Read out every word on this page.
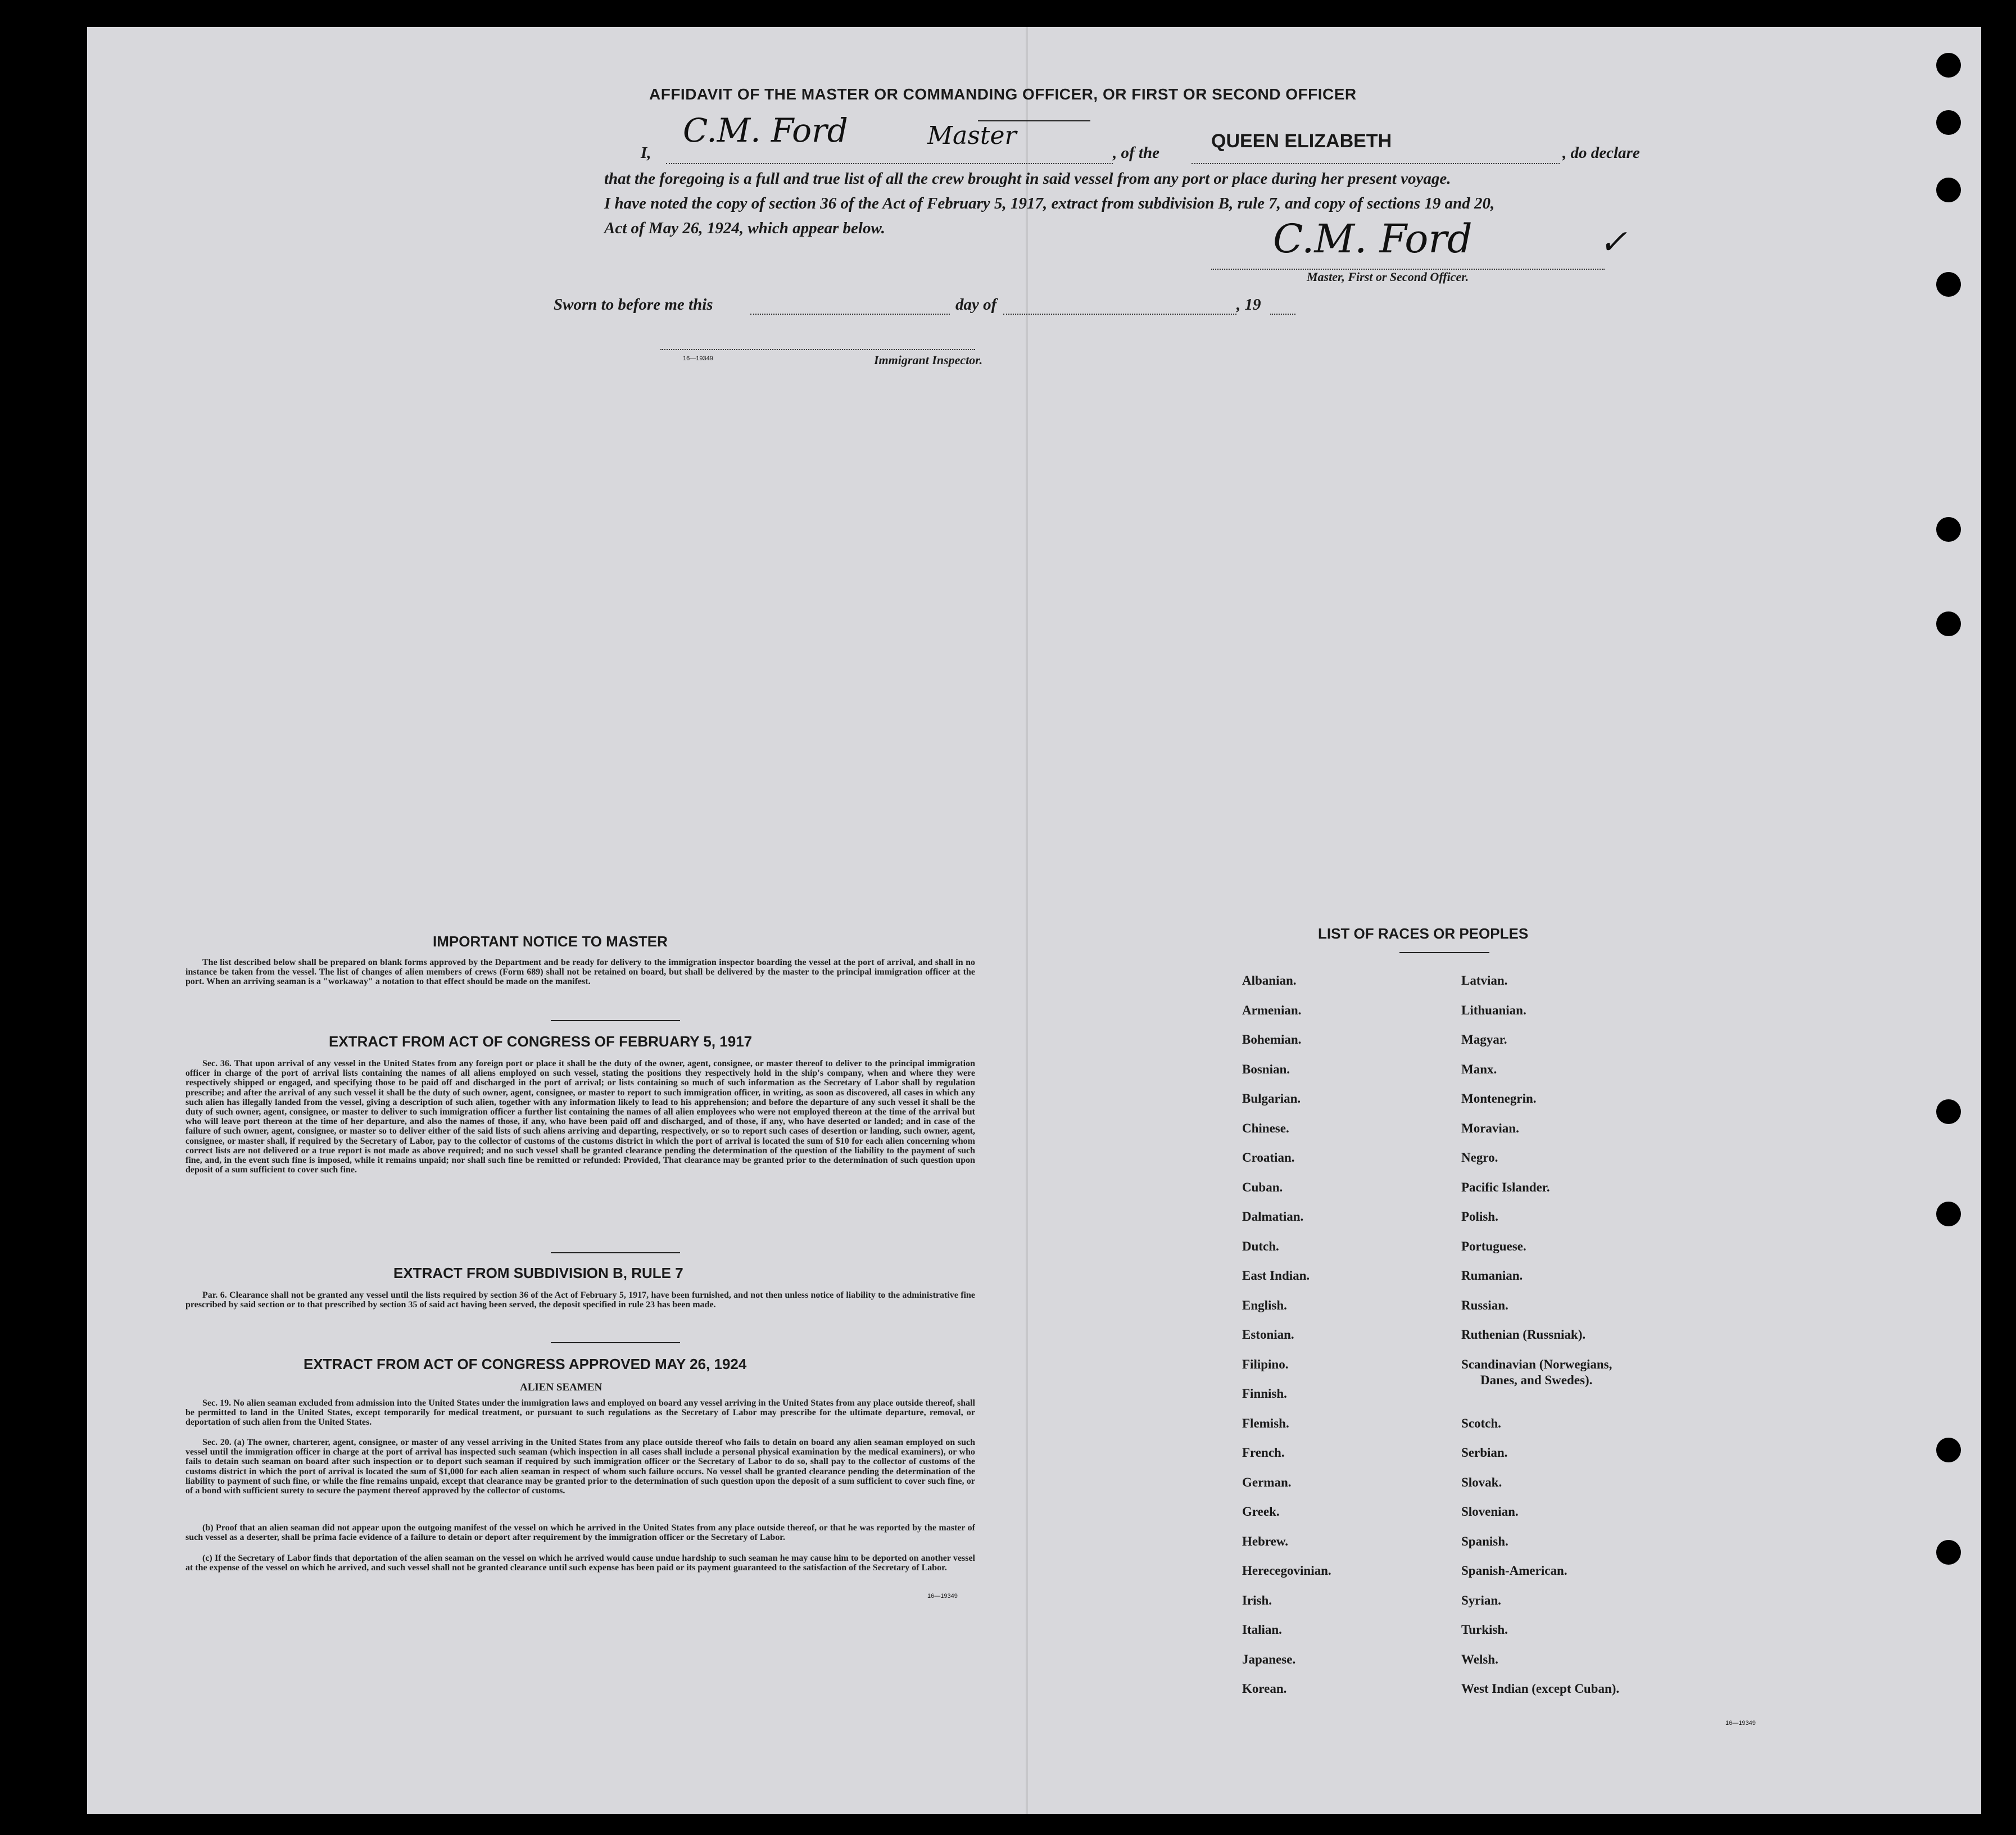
AFFIDAVIT OF THE MASTER OR COMMANDING OFFICER, OR FIRST OR SECOND OFFICER
I,
C.M. Ford	Master
, of the
QUEEN ELIZABETH
, do declare
that the foregoing is a full and true list of all the crew brought in said vessel from any port or place during her present voyage.
I have noted the copy of section 36 of the Act of February 5, 1917, extract from subdivision B, rule 7, and copy of sections 19 and 20,
Act of May 26, 1924, which appear below.	C.M. Ford	✓
Master, First or Second Officer.
Sworn to before me this	day of	, 19
16—19349	Immigrant Inspector.
IMPORTANT NOTICE TO MASTER
The list described below shall be prepared on blank forms approved by the Department and be ready for delivery to the immigration inspector boarding the vessel at the port of arrival, and shall in no instance be taken from the vessel. The list of changes of alien members of crews (Form 689) shall not be retained on board, but shall be delivered by the master to the principal immigration officer at the port. When an arriving seaman is a "workaway" a notation to that effect should be made on the manifest.
EXTRACT FROM ACT OF CONGRESS OF FEBRUARY 5, 1917
Sec. 36. That upon arrival of any vessel in the United States from any foreign port or place it shall be the duty of the owner, agent, consignee, or master thereof to deliver to the principal immigration officer in charge of the port of arrival lists containing the names of all aliens employed on such vessel, stating the positions they respectively hold in the ship's company, when and where they were respectively shipped or engaged, and specifying those to be paid off and discharged in the port of arrival; or lists containing so much of such information as the Secretary of Labor shall by regulation prescribe; and after the arrival of any such vessel it shall be the duty of such owner, agent, consignee, or master to report to such immigration officer, in writing, as soon as discovered, all cases in which any such alien has illegally landed from the vessel, giving a description of such alien, together with any information likely to lead to his apprehension; and before the departure of any such vessel it shall be the duty of such owner, agent, consignee, or master to deliver to such immigration officer a further list containing the names of all alien employees who were not employed thereon at the time of the arrival but who will leave port thereon at the time of her departure, and also the names of those, if any, who have been paid off and discharged, and of those, if any, who have deserted or landed; and in case of the failure of such owner, agent, consignee, or master so to deliver either of the said lists of such aliens arriving and departing, respectively, or so to report such cases of desertion or landing, such owner, agent, consignee, or master shall, if required by the Secretary of Labor, pay to the collector of customs of the customs district in which the port of arrival is located the sum of $10 for each alien concerning whom correct lists are not delivered or a true report is not made as above required; and no such vessel shall be granted clearance pending the determination of the question of the liability to the payment of such fine, and, in the event such fine is imposed, while it remains unpaid; nor shall such fine be remitted or refunded: Provided, That clearance may be granted prior to the determination of such question upon deposit of a sum sufficient to cover such fine.
EXTRACT FROM SUBDIVISION B, RULE 7
Par. 6. Clearance shall not be granted any vessel until the lists required by section 36 of the Act of February 5, 1917, have been furnished, and not then unless notice of liability to the administrative fine prescribed by said section or to that prescribed by section 35 of said act having been served, the deposit specified in rule 23 has been made.
EXTRACT FROM ACT OF CONGRESS APPROVED MAY 26, 1924
ALIEN SEAMEN
Sec. 19. No alien seaman excluded from admission into the United States under the immigration laws and employed on board any vessel arriving in the United States from any place outside thereof, shall be permitted to land in the United States, except temporarily for medical treatment, or pursuant to such regulations as the Secretary of Labor may prescribe for the ultimate departure, removal, or deportation of such alien from the United States.
Sec. 20. (a) The owner, charterer, agent, consignee, or master of any vessel arriving in the United States from any place outside thereof who fails to detain on board any alien seaman employed on such vessel until the immigration officer in charge at the port of arrival has inspected such seaman (which inspection in all cases shall include a personal physical examination by the medical examiners), or who fails to detain such seaman on board after such inspection or to deport such seaman if required by such immigration officer or the Secretary of Labor to do so, shall pay to the collector of customs of the customs district in which the port of arrival is located the sum of $1,000 for each alien seaman in respect of whom such failure occurs. No vessel shall be granted clearance pending the determination of the liability to payment of such fine, or while the fine remains unpaid, except that clearance may be granted prior to the determination of such question upon the deposit of a sum sufficient to cover such fine, or of a bond with sufficient surety to secure the payment thereof approved by the collector of customs.
(b) Proof that an alien seaman did not appear upon the outgoing manifest of the vessel on which he arrived in the United States from any place outside thereof, or that he was reported by the master of such vessel as a deserter, shall be prima facie evidence of a failure to detain or deport after requirement by the immigration officer or the Secretary of Labor.
(c) If the Secretary of Labor finds that deportation of the alien seaman on the vessel on which he arrived would cause undue hardship to such seaman he may cause him to be deported on another vessel at the expense of the vessel on which he arrived, and such vessel shall not be granted clearance until such expense has been paid or its payment guaranteed to the satisfaction of the Secretary of Labor.
16—19349
LIST OF RACES OR PEOPLES
Albanian.
Armenian.
Bohemian.
Bosnian.
Bulgarian.
Chinese.
Croatian.
Cuban.
Dalmatian.
Dutch.
East Indian.
English.
Estonian.
Filipino.
Finnish.
Flemish.
French.
German.
Greek.
Hebrew.
Herecegovinian.
Irish.
Italian.
Japanese.
Korean.
Latvian.
Lithuanian.
Magyar.
Manx.
Montenegrin.
Moravian.
Negro.
Pacific Islander.
Polish.
Portuguese.
Rumanian.
Russian.
Ruthenian (Russniak).
Scandinavian (Norwegians,
Danes, and Swedes).
Scotch.
Serbian.
Slovak.
Slovenian.
Spanish.
Spanish-American.
Syrian.
Turkish.
Welsh.
West Indian (except Cuban).
16—19349
